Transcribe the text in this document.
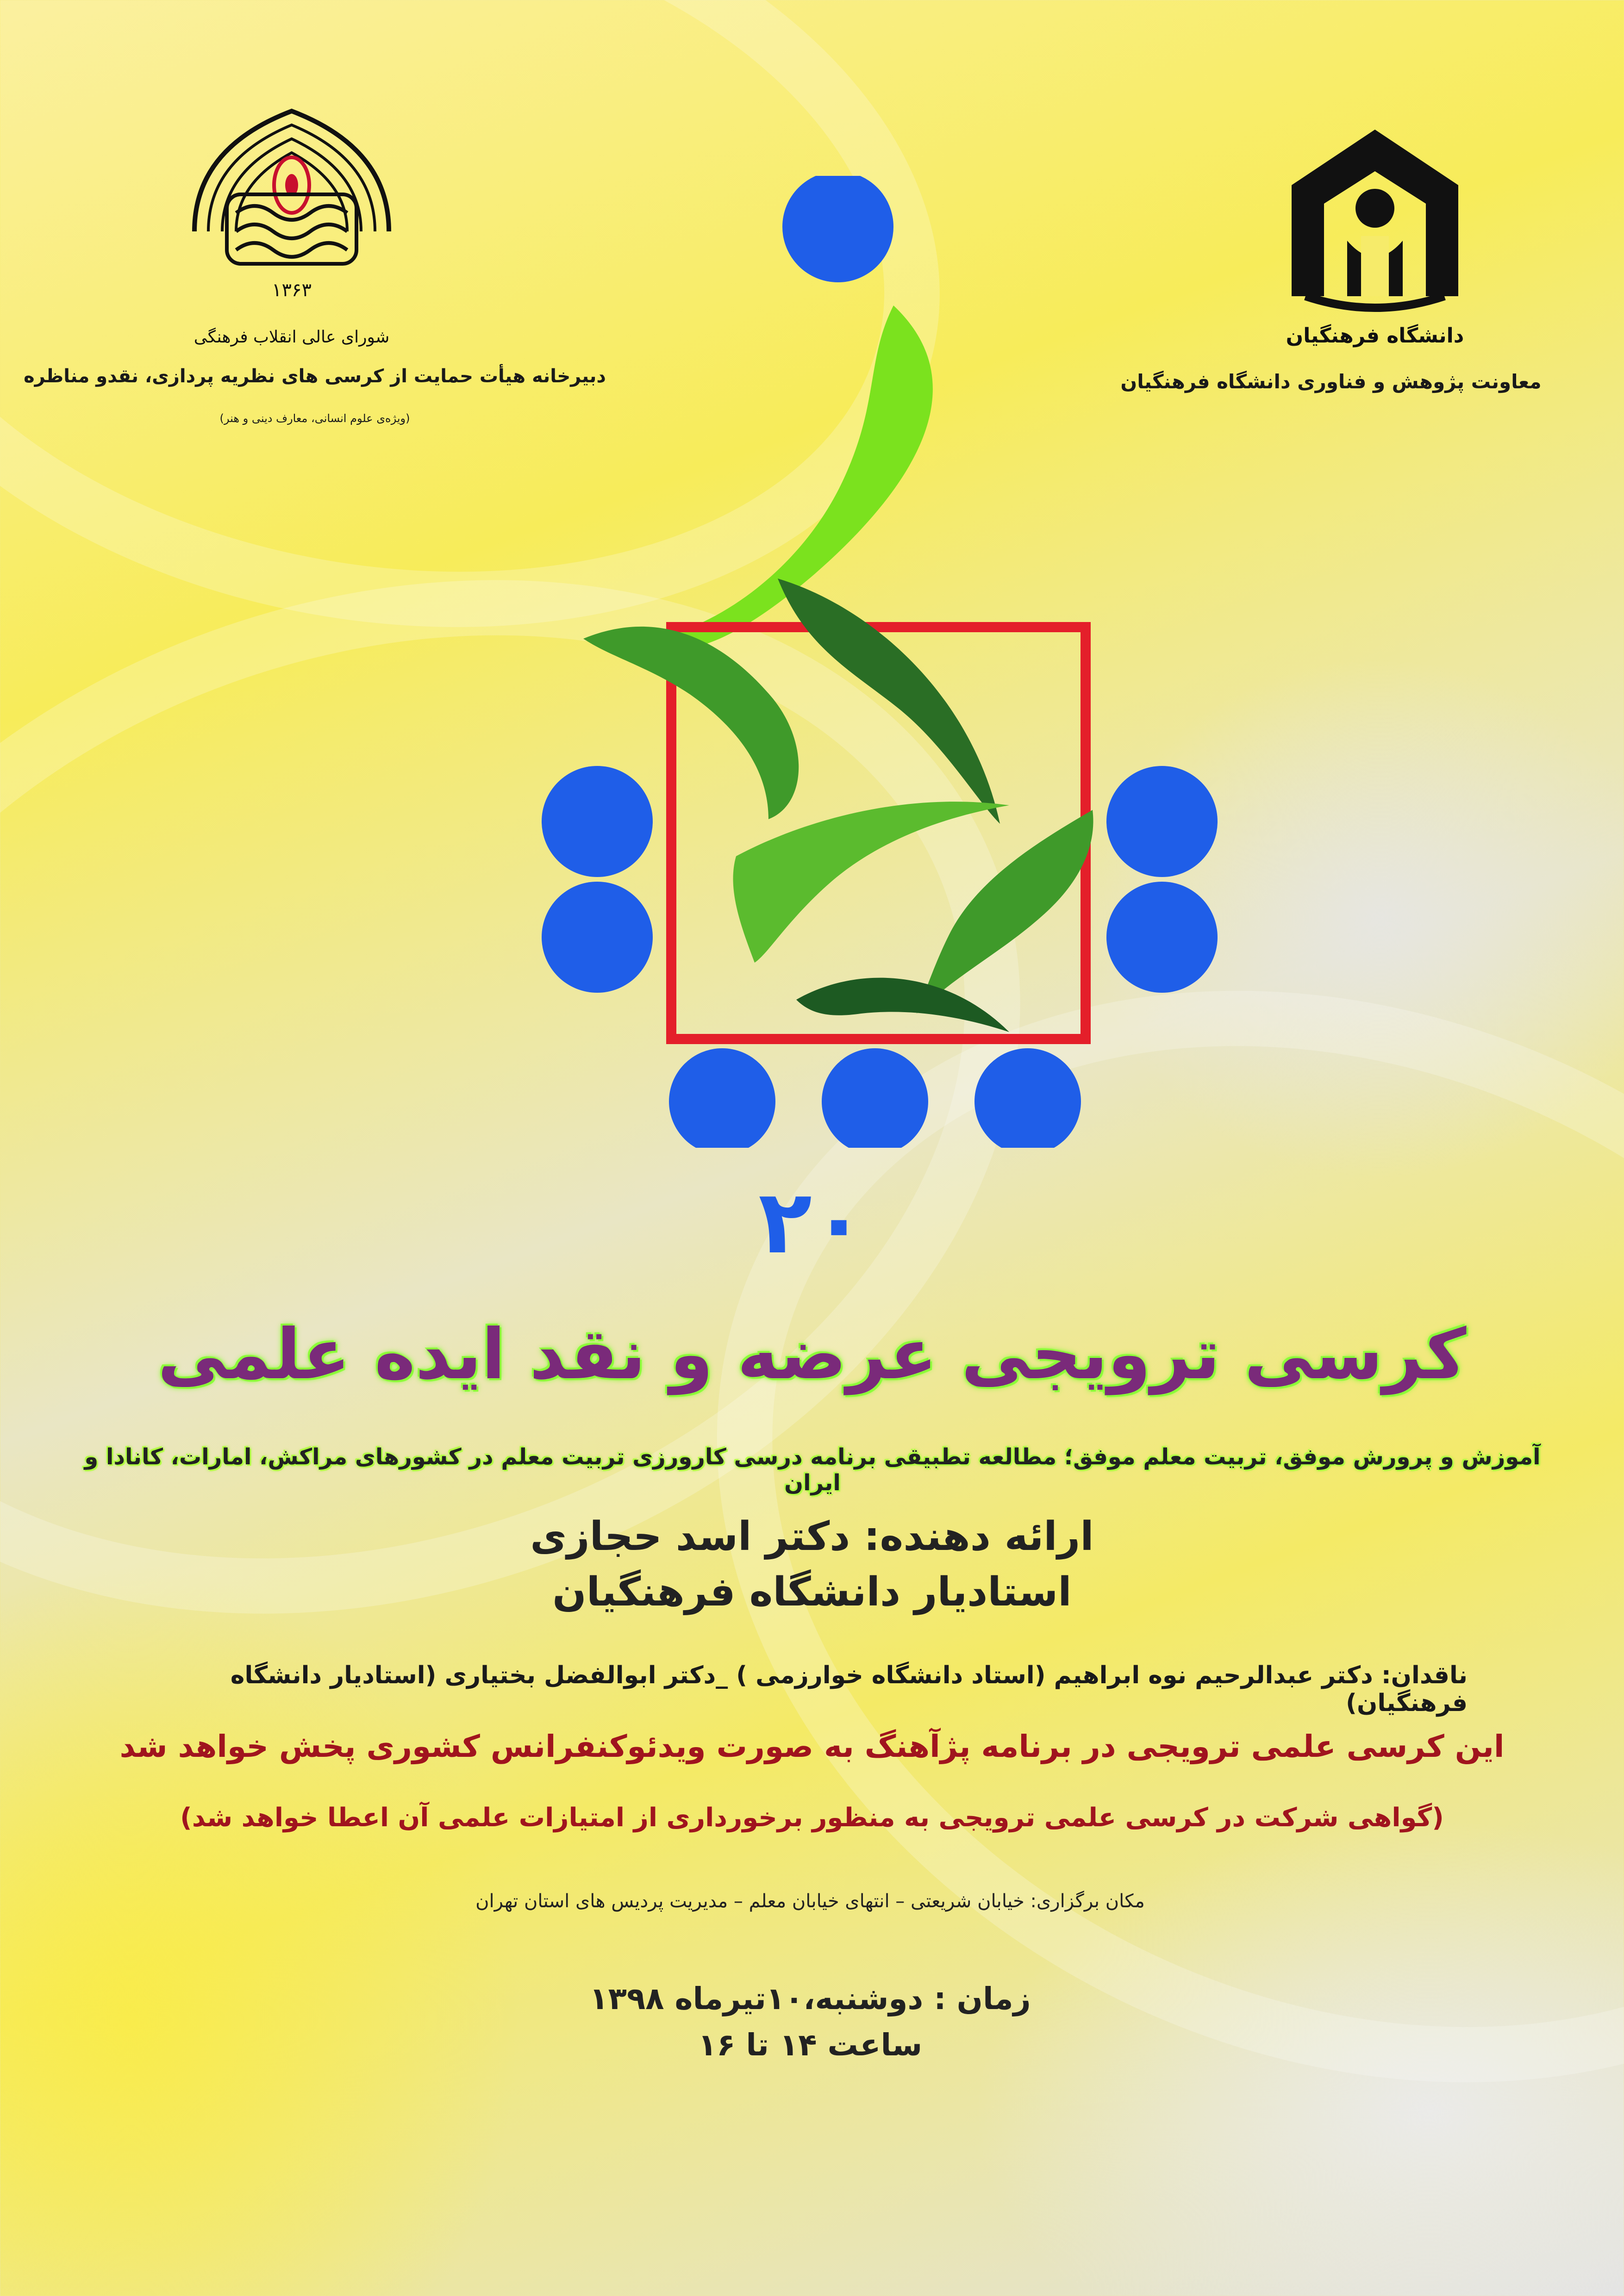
۱۳۶۳
شورای عالی انقلاب فرهنگی
دبیرخانه هیأت حمایت از کرسی های نظریه پردازی، نقدو مناظره
(ویژه‌ی علوم انسانی، معارف دینی و هنر)
دانشگاه فرهنگیان
معاونت پژوهش و فناوری دانشگاه فرهنگیان
۲۰
کرسی ترویجی عرضه و نقد ایده علمی
آموزش و پرورش موفق، تربیت معلم موفق؛ مطالعه تطبیقی برنامه درسی کارورزی تربیت معلم در کشورهای مراکش، امارات، کانادا و ایران
ارائه دهنده: دکتر اسد حجازی
استادیار دانشگاه فرهنگیان
ناقدان: دکتر عبدالرحیم نوه ابراهیم (استاد دانشگاه خوارزمی ) _دکتر ابوالفضل بختیاری (استادیار دانشگاه فرهنگیان)
این کرسی علمی ترویجی در برنامه پژآهنگ به صورت ویدئوکنفرانس کشوری پخش خواهد شد
(گواهی شرکت در کرسی علمی ترویجی به منظور برخورداری از امتیازات علمی آن اعطا خواهد شد)
مکان برگزاری: خیابان شریعتی – انتهای خیابان معلم – مدیریت پردیس های استان تهران
زمان : دوشنبه،۱۰تیرماه ۱۳۹۸
ساعت ۱۴ تا ۱۶
